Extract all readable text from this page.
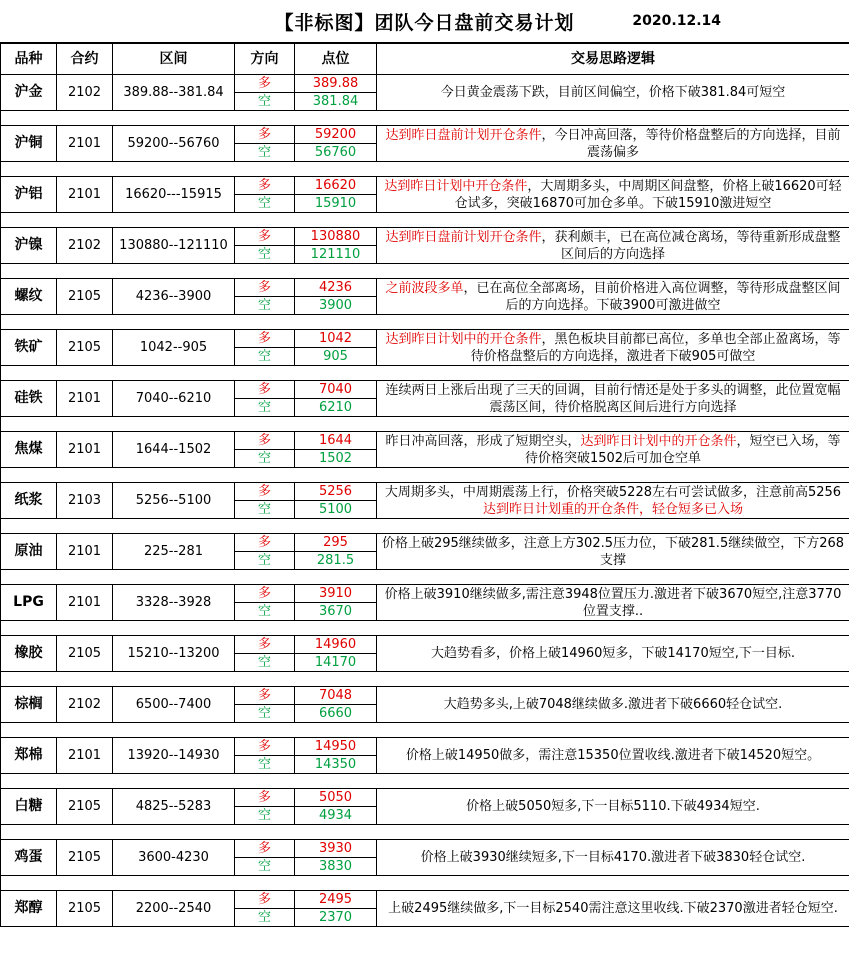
【非标图】团队今日盘前交易计划	2020.12.14
品种	合约	区间	方向	点位	交易思路逻辑
沪金	2102	389.88--381.84	多	389.88	今日黄金震荡下跌，目前区间偏空，价格下破381.84可短空
			空	381.84	

沪铜	2101	59200--56760	多	59200	达到昨日盘前计划开仓条件，今日冲高回落，等待价格盘整后的方向选择，目前震荡偏多
			空	56760	

沪铝	2101	16620---15915	多	16620	达到昨日计划中开仓条件，大周期多头，中周期区间盘整，价格上破16620可轻仓试多，突破16870可加仓多单。下破15910激进短空
			空	15910	

沪镍	2102	130880--121110	多	130880	达到昨日盘前计划开仓条件，获利颇丰，已在高位减仓离场，等待重新形成盘整区间后的方向选择
			空	121110	

螺纹	2105	4236--3900	多	4236	之前波段多单，已在高位全部离场，目前价格进入高位调整，等待形成盘整区间后的方向选择。下破3900可激进做空
			空	3900	

铁矿	2105	1042--905	多	1042	达到昨日计划中的开仓条件，黑色板块目前都已高位，多单也全部止盈离场，等待价格盘整后的方向选择，激进者下破905可做空
			空	905	

硅铁	2101	7040--6210	多	7040	连续两日上涨后出现了三天的回调，目前行情还是处于多头的调整，此位置宽幅震荡区间，待价格脱离区间后进行方向选择
			空	6210	

焦煤	2101	1644--1502	多	1644	昨日冲高回落，形成了短期空头，达到昨日计划中的开仓条件，短空已入场，等待价格突破1502后可加仓空单
			空	1502	

纸浆	2103	5256--5100	多	5256	大周期多头，中周期震荡上行，价格突破5228左右可尝试做多，注意前高5256 达到昨日计划重的开仓条件，轻仓短多已入场
			空	5100	

原油	2101	225--281	多	295	价格上破295继续做多，注意上方302.5压力位，下破281.5继续做空，下方268支撑
			空	281.5	

LPG	2101	3328--3928	多	3910	价格上破3910继续做多,需注意3948位置压力.激进者下破3670短空,注意3770位置支撑..
			空	3670	

橡胶	2105	15210--13200	多	14960	大趋势看多，价格上破14960短多，下破14170短空,下一目标.
			空	14170	

棕榈	2102	6500--7400	多	7048	大趋势多头,上破7048继续做多.激进者下破6660轻仓试空.
			空	6660	

郑棉	2101	13920--14930	多	14950	价格上破14950做多，需注意15350位置收线.激进者下破14520短空。
			空	14350	

白糖	2105	4825--5283	多	5050	价格上破5050短多,下一目标5110.下破4934短空.
			空	4934	

鸡蛋	2105	3600-4230	多	3930	价格上破3930继续短多,下一目标4170.激进者下破3830轻仓试空.
			空	3830	

郑醇	2105	2200--2540	多	2495	上破2495继续做多,下一目标2540需注意这里收线.下破2370激进者轻仓短空.
			空	2370	
